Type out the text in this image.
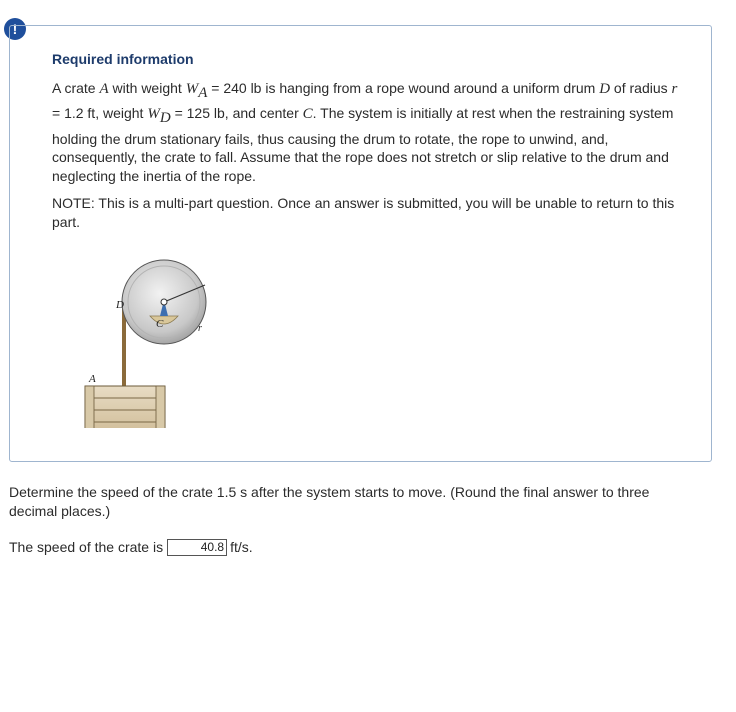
!
Required information
A crate A with weight $W_A = 240$ lb is hanging from a rope wound around a uniform drum D of radius r = 1.2 ft, weight $W_D = 125$ lb, and center C. The system is initially at rest when the restraining system holding the drum stationary fails, thus causing the drum to rotate, the rope to unwind, and, consequently, the crate to fall. Assume that the rope does not stretch or slip relative to the drum and neglecting the inertia of the rope.
NOTE: This is a multi-part question. Once an answer is submitted, you will be unable to return to this part.
D
C	r
A
Determine the speed of the crate 1.5 s after the system starts to move. (Round the final answer to three decimal places.)
The speed of the crate is
40.8	ft/s.
